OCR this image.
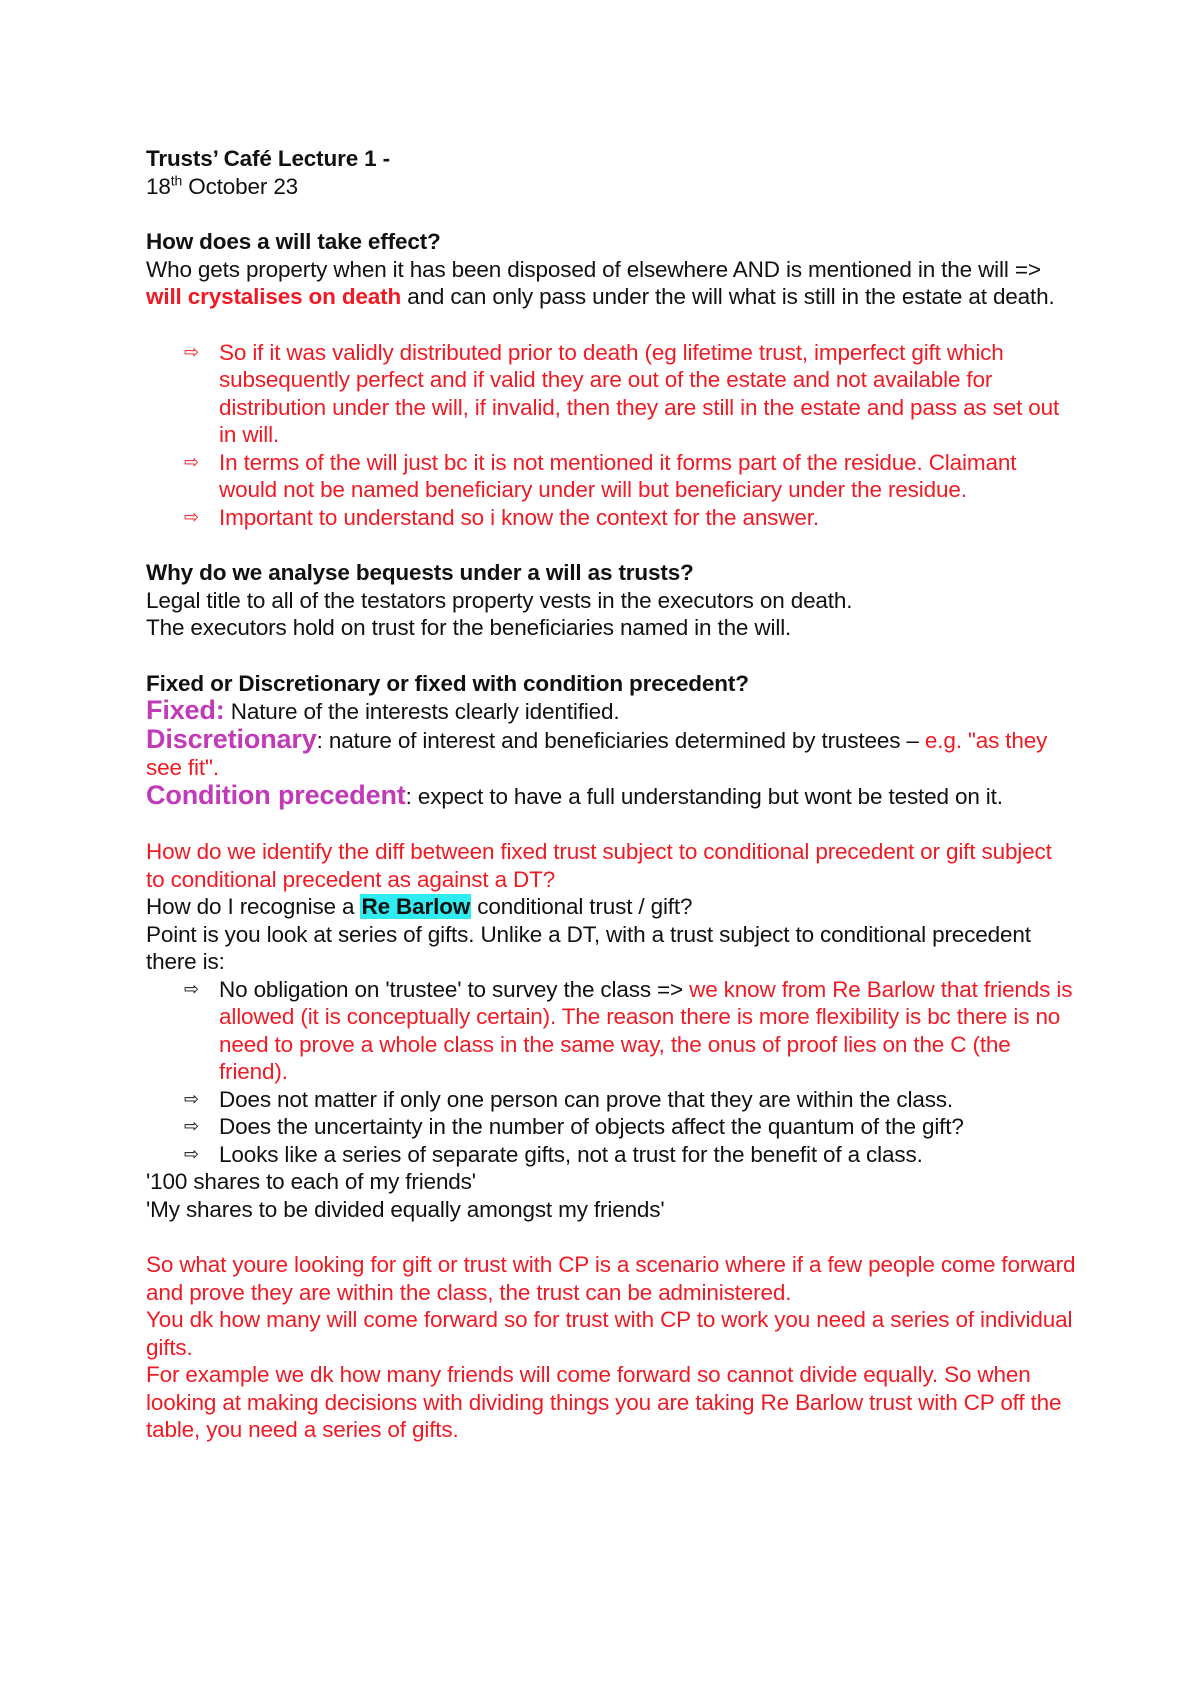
Trusts’ Café Lecture 1 -
18th October 23
How does a will take effect?
Who gets property when it has been disposed of elsewhere AND is mentioned in the will => will crystalises on death and can only pass under the will what is still in the estate at death.
⇨ So if it was validly distributed prior to death (eg lifetime trust, imperfect gift which subsequently perfect and if valid they are out of the estate and not available for distribution under the will, if invalid, then they are still in the estate and pass as set out in will.
⇨ In terms of the will just bc it is not mentioned it forms part of the residue. Claimant would not be named beneficiary under will but beneficiary under the residue.
⇨ Important to understand so i know the context for the answer.
Why do we analyse bequests under a will as trusts?
Legal title to all of the testators property vests in the executors on death.
The executors hold on trust for the beneficiaries named in the will.
Fixed or Discretionary or fixed with condition precedent?
Fixed: Nature of the interests clearly identified.
Discretionary: nature of interest and beneficiaries determined by trustees – e.g. "as they see fit".
Condition precedent: expect to have a full understanding but wont be tested on it.
How do we identify the diff between fixed trust subject to conditional precedent or gift subject to conditional precedent as against a DT?
How do I recognise a Re Barlow conditional trust / gift?
Point is you look at series of gifts. Unlike a DT, with a trust subject to conditional precedent there is:
⇨ No obligation on 'trustee' to survey the class => we know from Re Barlow that friends is allowed (it is conceptually certain). The reason there is more flexibility is bc there is no need to prove a whole class in the same way, the onus of proof lies on the C (the friend).
⇨ Does not matter if only one person can prove that they are within the class.
⇨ Does the uncertainty in the number of objects affect the quantum of the gift?
⇨ Looks like a series of separate gifts, not a trust for the benefit of a class.
'100 shares to each of my friends'
'My shares to be divided equally amongst my friends'
So what youre looking for gift or trust with CP is a scenario where if a few people come forward and prove they are within the class, the trust can be administered.
You dk how many will come forward so for trust with CP to work you need a series of individual gifts.
For example we dk how many friends will come forward so cannot divide equally. So when looking at making decisions with dividing things you are taking Re Barlow trust with CP off the table, you need a series of gifts.
